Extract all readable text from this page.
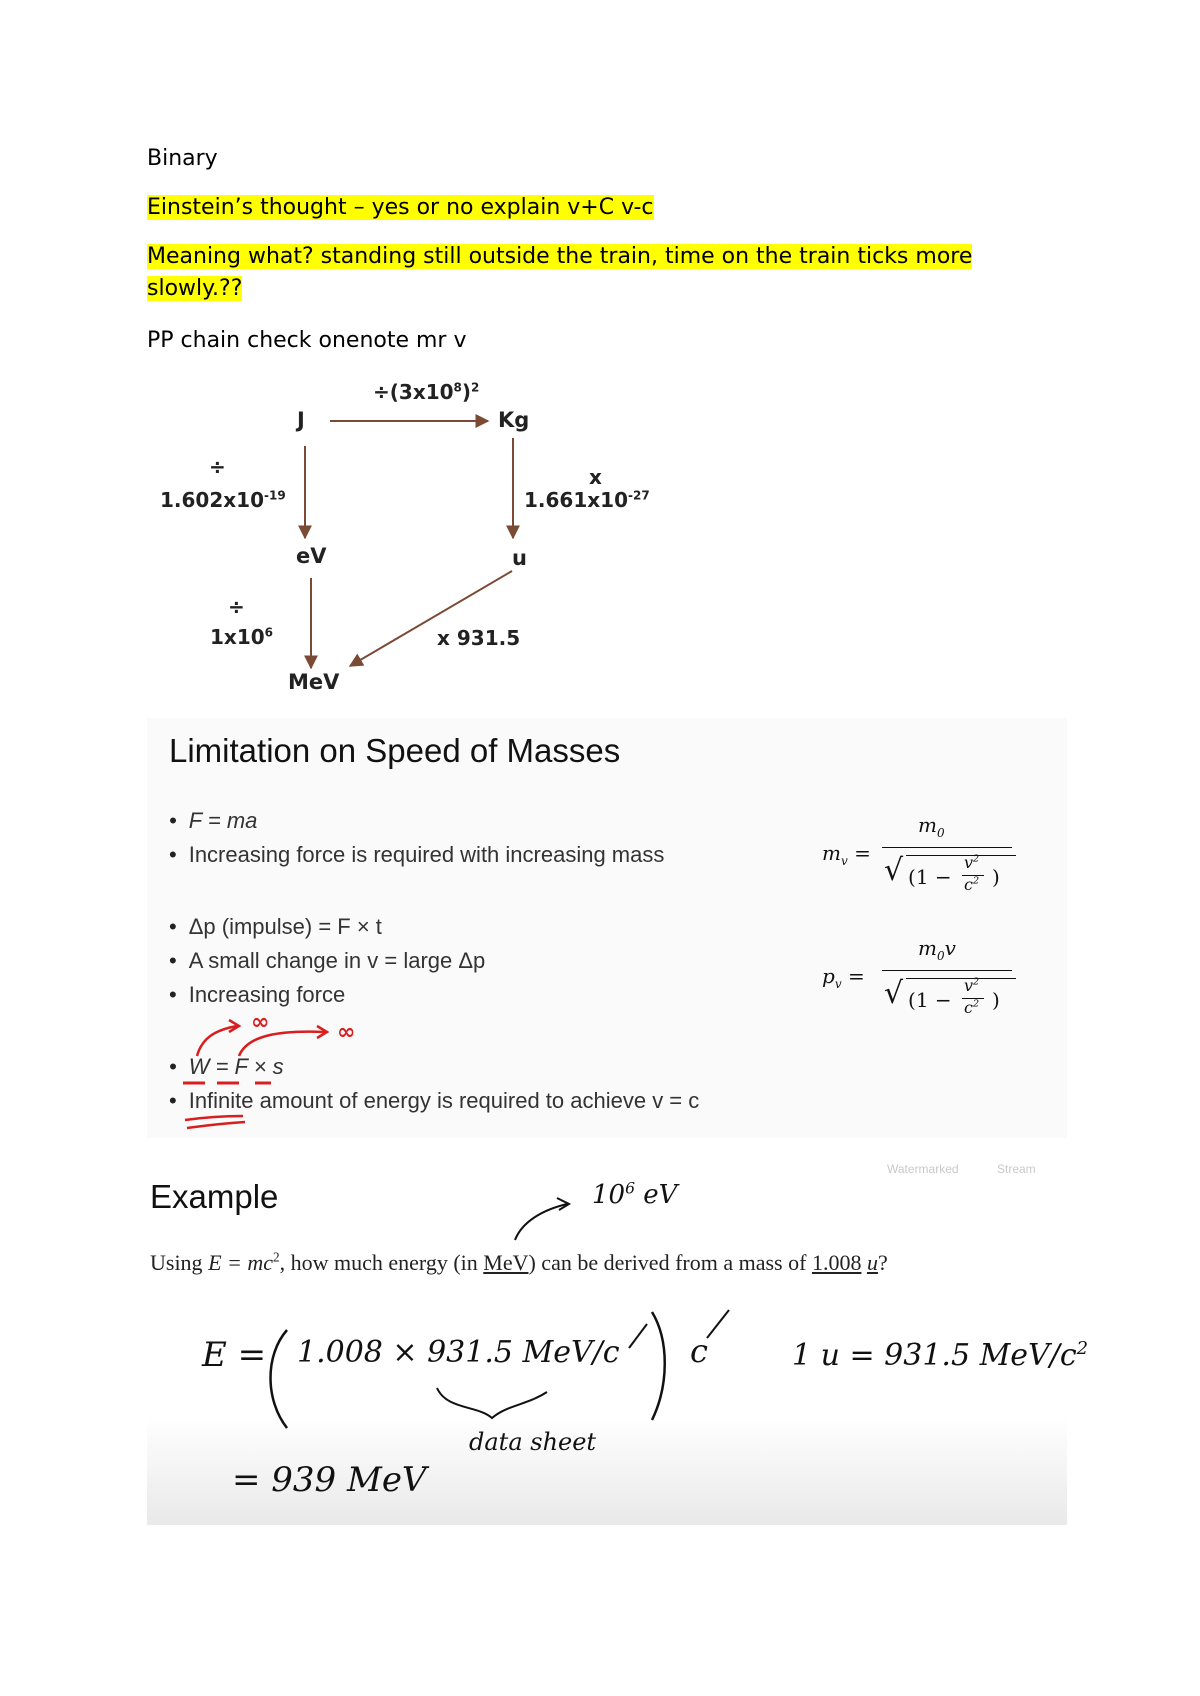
Binary
Einstein’s thought – yes or no explain v+C v-c
Meaning what? standing still outside the train, time on the train ticks more
slowly.??
PP chain check onenote mr v
J	Kg
eV	u
MeV
$\div(3x10^8)^2$
÷
$1.602x10^{-19}$
x
$1.661x10^{-27}$
÷
$1x10^6$	x 931.5
Limitation on Speed of Masses
• F = ma
• Increasing force is required with increasing mass
• Δp (impulse) = F × t
• A small change in v = large Δp
• Increasing force
• W = F × s
• Infinite amount of energy is required to achieve v = c
∞	∞
$m_v$ =
$m_0$
√ (1 −
$v^2$
$c^2$ )
$p_v$ =
$m_0v$
√ (1 −
$v^2$
$c^2$ )
Watermarked	Stream
Example
Using $E = mc^2$, how much energy (in MeV) can be derived from a mass of 1.008 u?
$10^6$ eV
E = 1.008 × 931.5 MeV/c c	1 u = 931.5 MeV/$c^2$
data sheet
= 939 MeV
